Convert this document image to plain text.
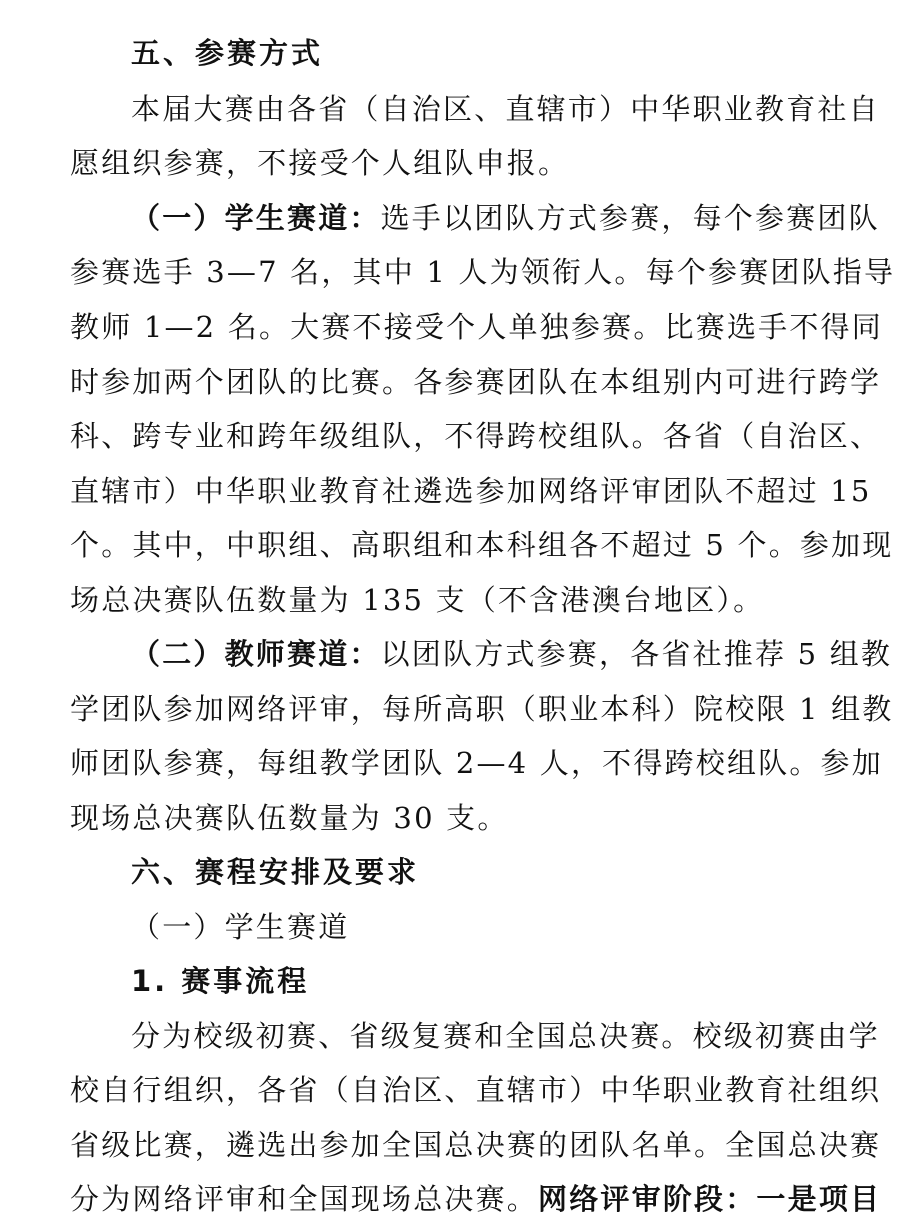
五、参赛方式
本届大赛由各省（自治区、直辖市）中华职业教育社自
愿组织参赛，不接受个人组队申报。
（一）学生赛道：选手以团队方式参赛，每个参赛团队
参赛选手 3—7 名，其中 1 人为领衔人。每个参赛团队指导
教师 1—2 名。大赛不接受个人单独参赛。比赛选手不得同
时参加两个团队的比赛。各参赛团队在本组别内可进行跨学
科、跨专业和跨年级组队，不得跨校组队。各省（自治区、
直辖市）中华职业教育社遴选参加网络评审团队不超过 15
个。其中，中职组、高职组和本科组各不超过 5 个。参加现
场总决赛队伍数量为 135 支（不含港澳台地区）。
（二）教师赛道：以团队方式参赛，各省社推荐 5 组教
学团队参加网络评审，每所高职（职业本科）院校限 1 组教
师团队参赛，每组教学团队 2—4 人，不得跨校组队。参加
现场总决赛队伍数量为 30 支。
六、赛程安排及要求
（一）学生赛道
1. 赛事流程
分为校级初赛、省级复赛和全国总决赛。校级初赛由学
校自行组织，各省（自治区、直辖市）中华职业教育社组织
省级比赛，遴选出参加全国总决赛的团队名单。全国总决赛
分为网络评审和全国现场总决赛。网络评审阶段：一是项目
